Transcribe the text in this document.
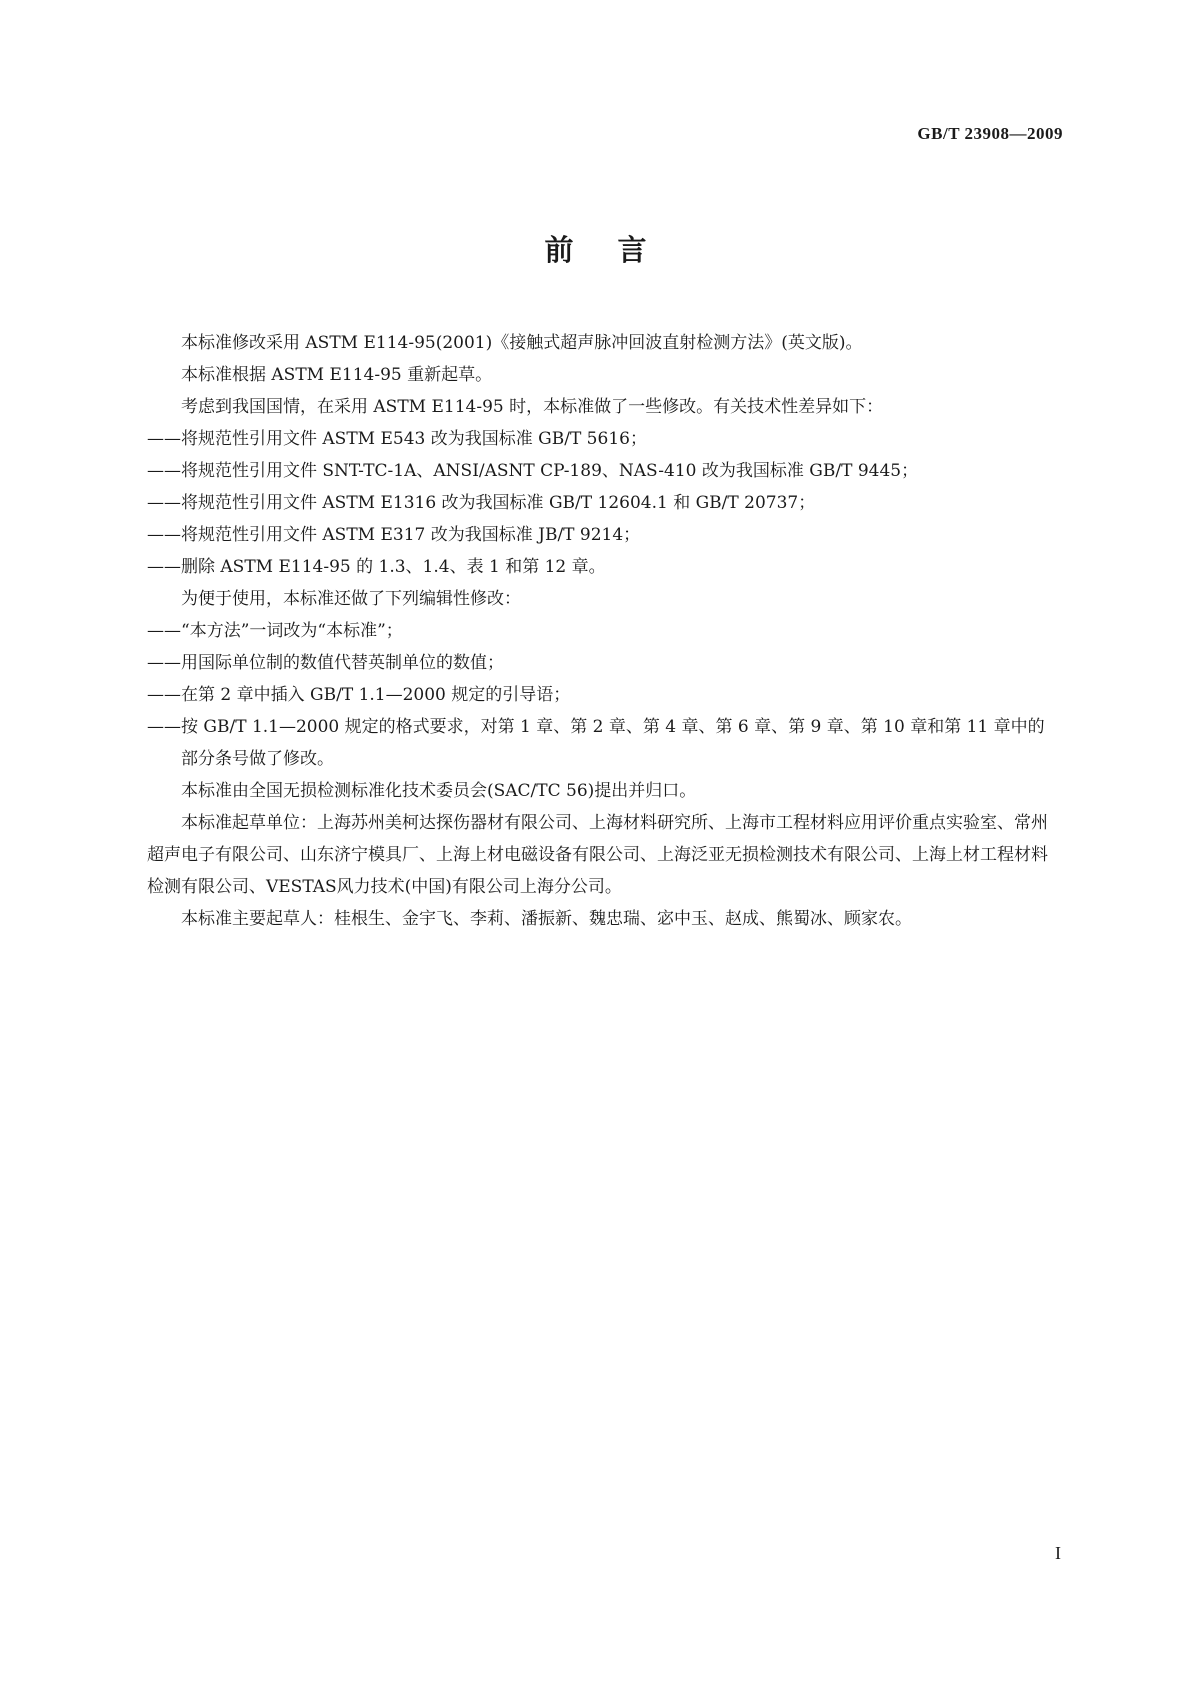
GB/T 23908—2009
前言

本标准修改采用 ASTM E114-95(2001)《接触式超声脉冲回波直射检测方法》(英文版)。

本标准根据 ASTM E114-95 重新起草。

考虑到我国国情，在采用 ASTM E114-95 时，本标准做了一些修改。有关技术性差异如下：

——将规范性引用文件 ASTM E543 改为我国标准 GB/T 5616；

——将规范性引用文件 SNT-TC-1A、ANSI/ASNT CP-189、NAS-410 改为我国标准 GB/T 9445；

——将规范性引用文件 ASTM E1316 改为我国标准 GB/T 12604.1 和 GB/T 20737；

——将规范性引用文件 ASTM E317 改为我国标准 JB/T 9214；

——删除 ASTM E114-95 的 1.3、1.4、表 1 和第 12 章。

为便于使用，本标准还做了下列编辑性修改：

——“本方法”一词改为“本标准”；

——用国际单位制的数值代替英制单位的数值；

——在第 2 章中插入 GB/T 1.1—2000 规定的引导语；

——按 GB/T 1.1—2000 规定的格式要求，对第 1 章、第 2 章、第 4 章、第 6 章、第 9 章、第 10 章和第 11 章中的部分条号做了修改。

本标准由全国无损检测标准化技术委员会(SAC/TC 56)提出并归口。

本标准起草单位：上海苏州美柯达探伤器材有限公司、上海材料研究所、上海市工程材料应用评价重点实验室、常州超声电子有限公司、山东济宁模具厂、上海上材电磁设备有限公司、上海泛亚无损检测技术有限公司、上海上材工程材料检测有限公司、VESTAS风力技术(中国)有限公司上海分公司。

本标准主要起草人：桂根生、金宇飞、李莉、潘振新、魏忠瑞、宓中玉、赵成、熊蜀冰、顾家农。

I
